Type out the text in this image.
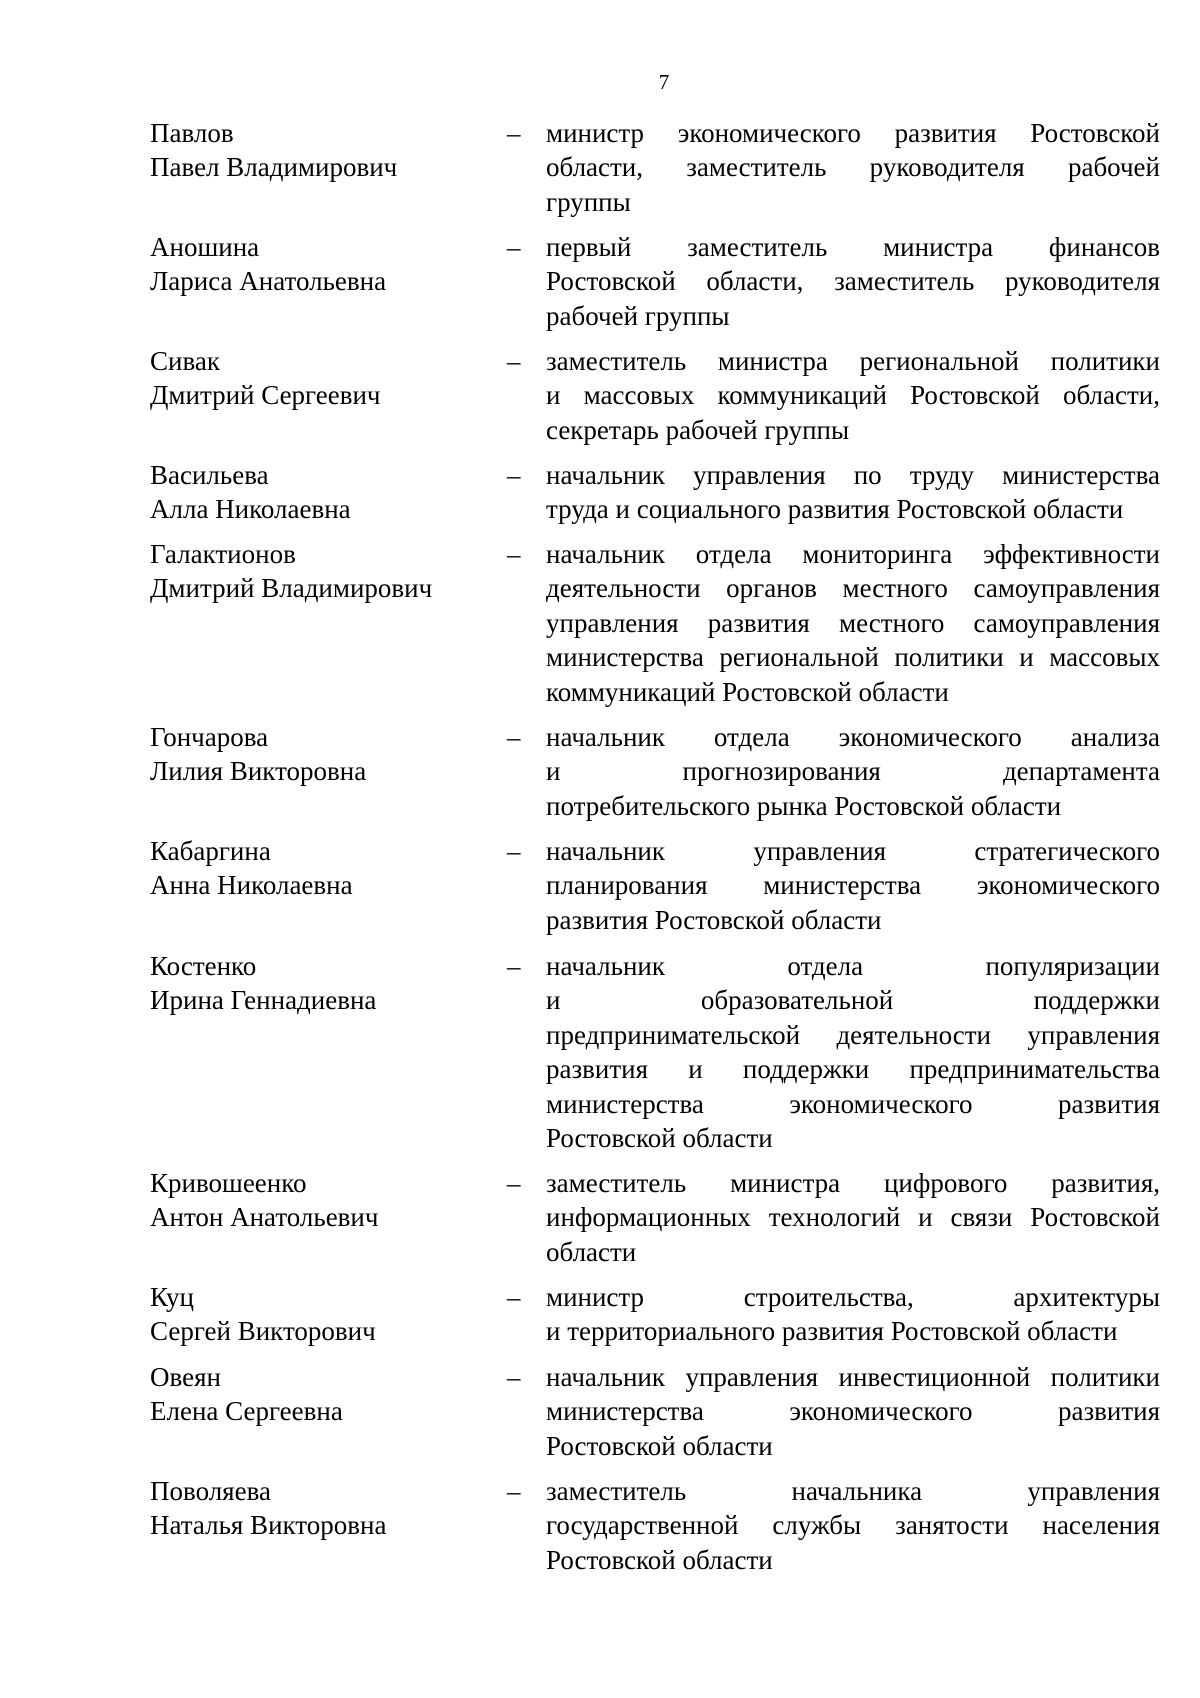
7
Павлов
Павел Владимирович
– министр экономического развития Ростовской
области, заместитель руководителя рабочей
группы
Аношина
Лариса Анатольевна
– первый заместитель министра финансов
Ростовской области, заместитель руководителя
рабочей группы
Сивак
Дмитрий Сергеевич
– заместитель министра региональной политики
и массовых коммуникаций Ростовской области,
секретарь рабочей группы
Васильева
Алла Николаевна
– начальник управления по труду министерства
труда и социального развития Ростовской области
Галактионов
Дмитрий Владимирович
– начальник отдела мониторинга эффективности
деятельности органов местного самоуправления
управления развития местного самоуправления
министерства региональной политики и массовых
коммуникаций Ростовской области
Гончарова
Лилия Викторовна
– начальник отдела экономического анализа
и прогнозирования департамента
потребительского рынка Ростовской области
Кабаргина
Анна Николаевна
– начальник управления стратегического
планирования министерства экономического
развития Ростовской области
Костенко
Ирина Геннадиевна
– начальник отдела популяризации
и образовательной поддержки
предпринимательской деятельности управления
развития и поддержки предпринимательства
министерства экономического развития
Ростовской области
Кривошеенко
Антон Анатольевич
– заместитель министра цифрового развития,
информационных технологий и связи Ростовской
области
Куц
Сергей Викторович
– министр строительства, архитектуры
и территориального развития Ростовской области
Овеян
Елена Сергеевна
– начальник управления инвестиционной политики
министерства экономического развития
Ростовской области
Поволяева
Наталья Викторовна
– заместитель начальника управления
государственной службы занятости населения
Ростовской области
